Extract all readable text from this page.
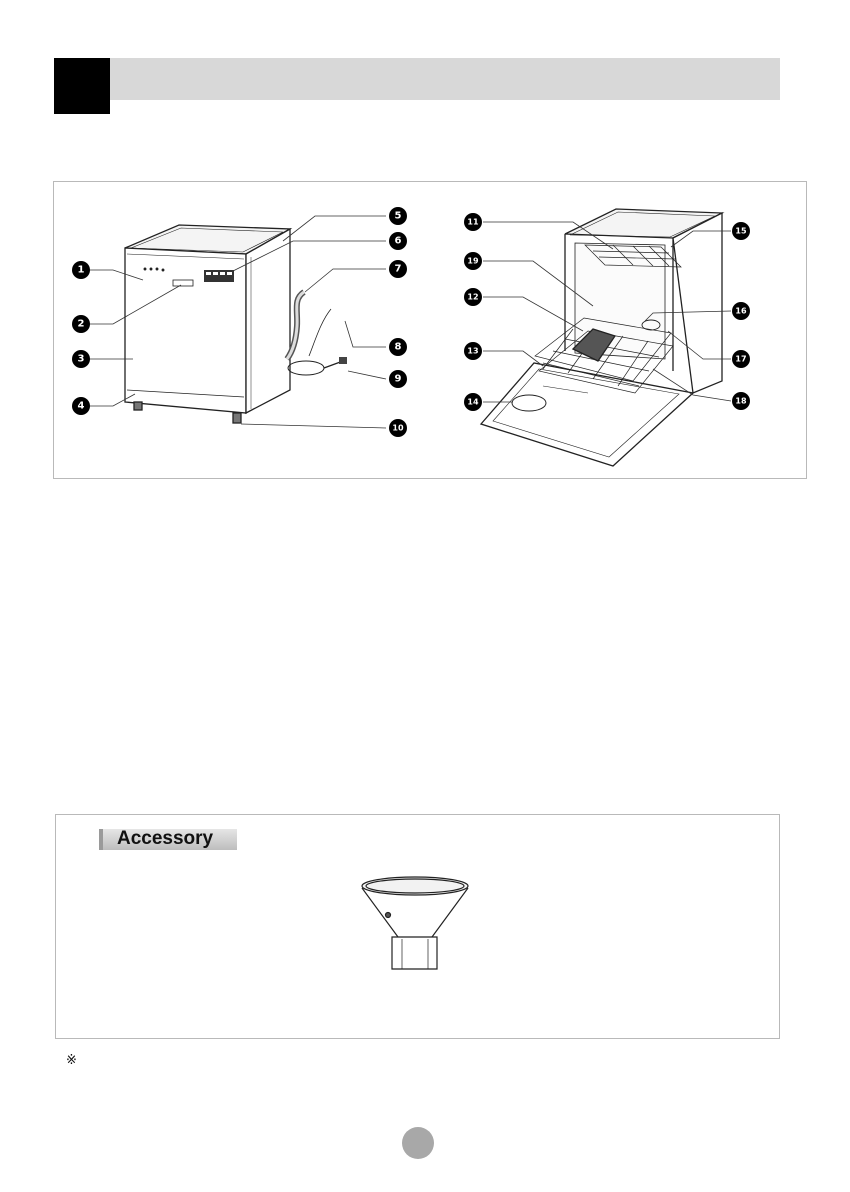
1
2
3
4
5
6
7
8
9
10
11
19
12
13
14
15
16
17
18
Accessory
※
